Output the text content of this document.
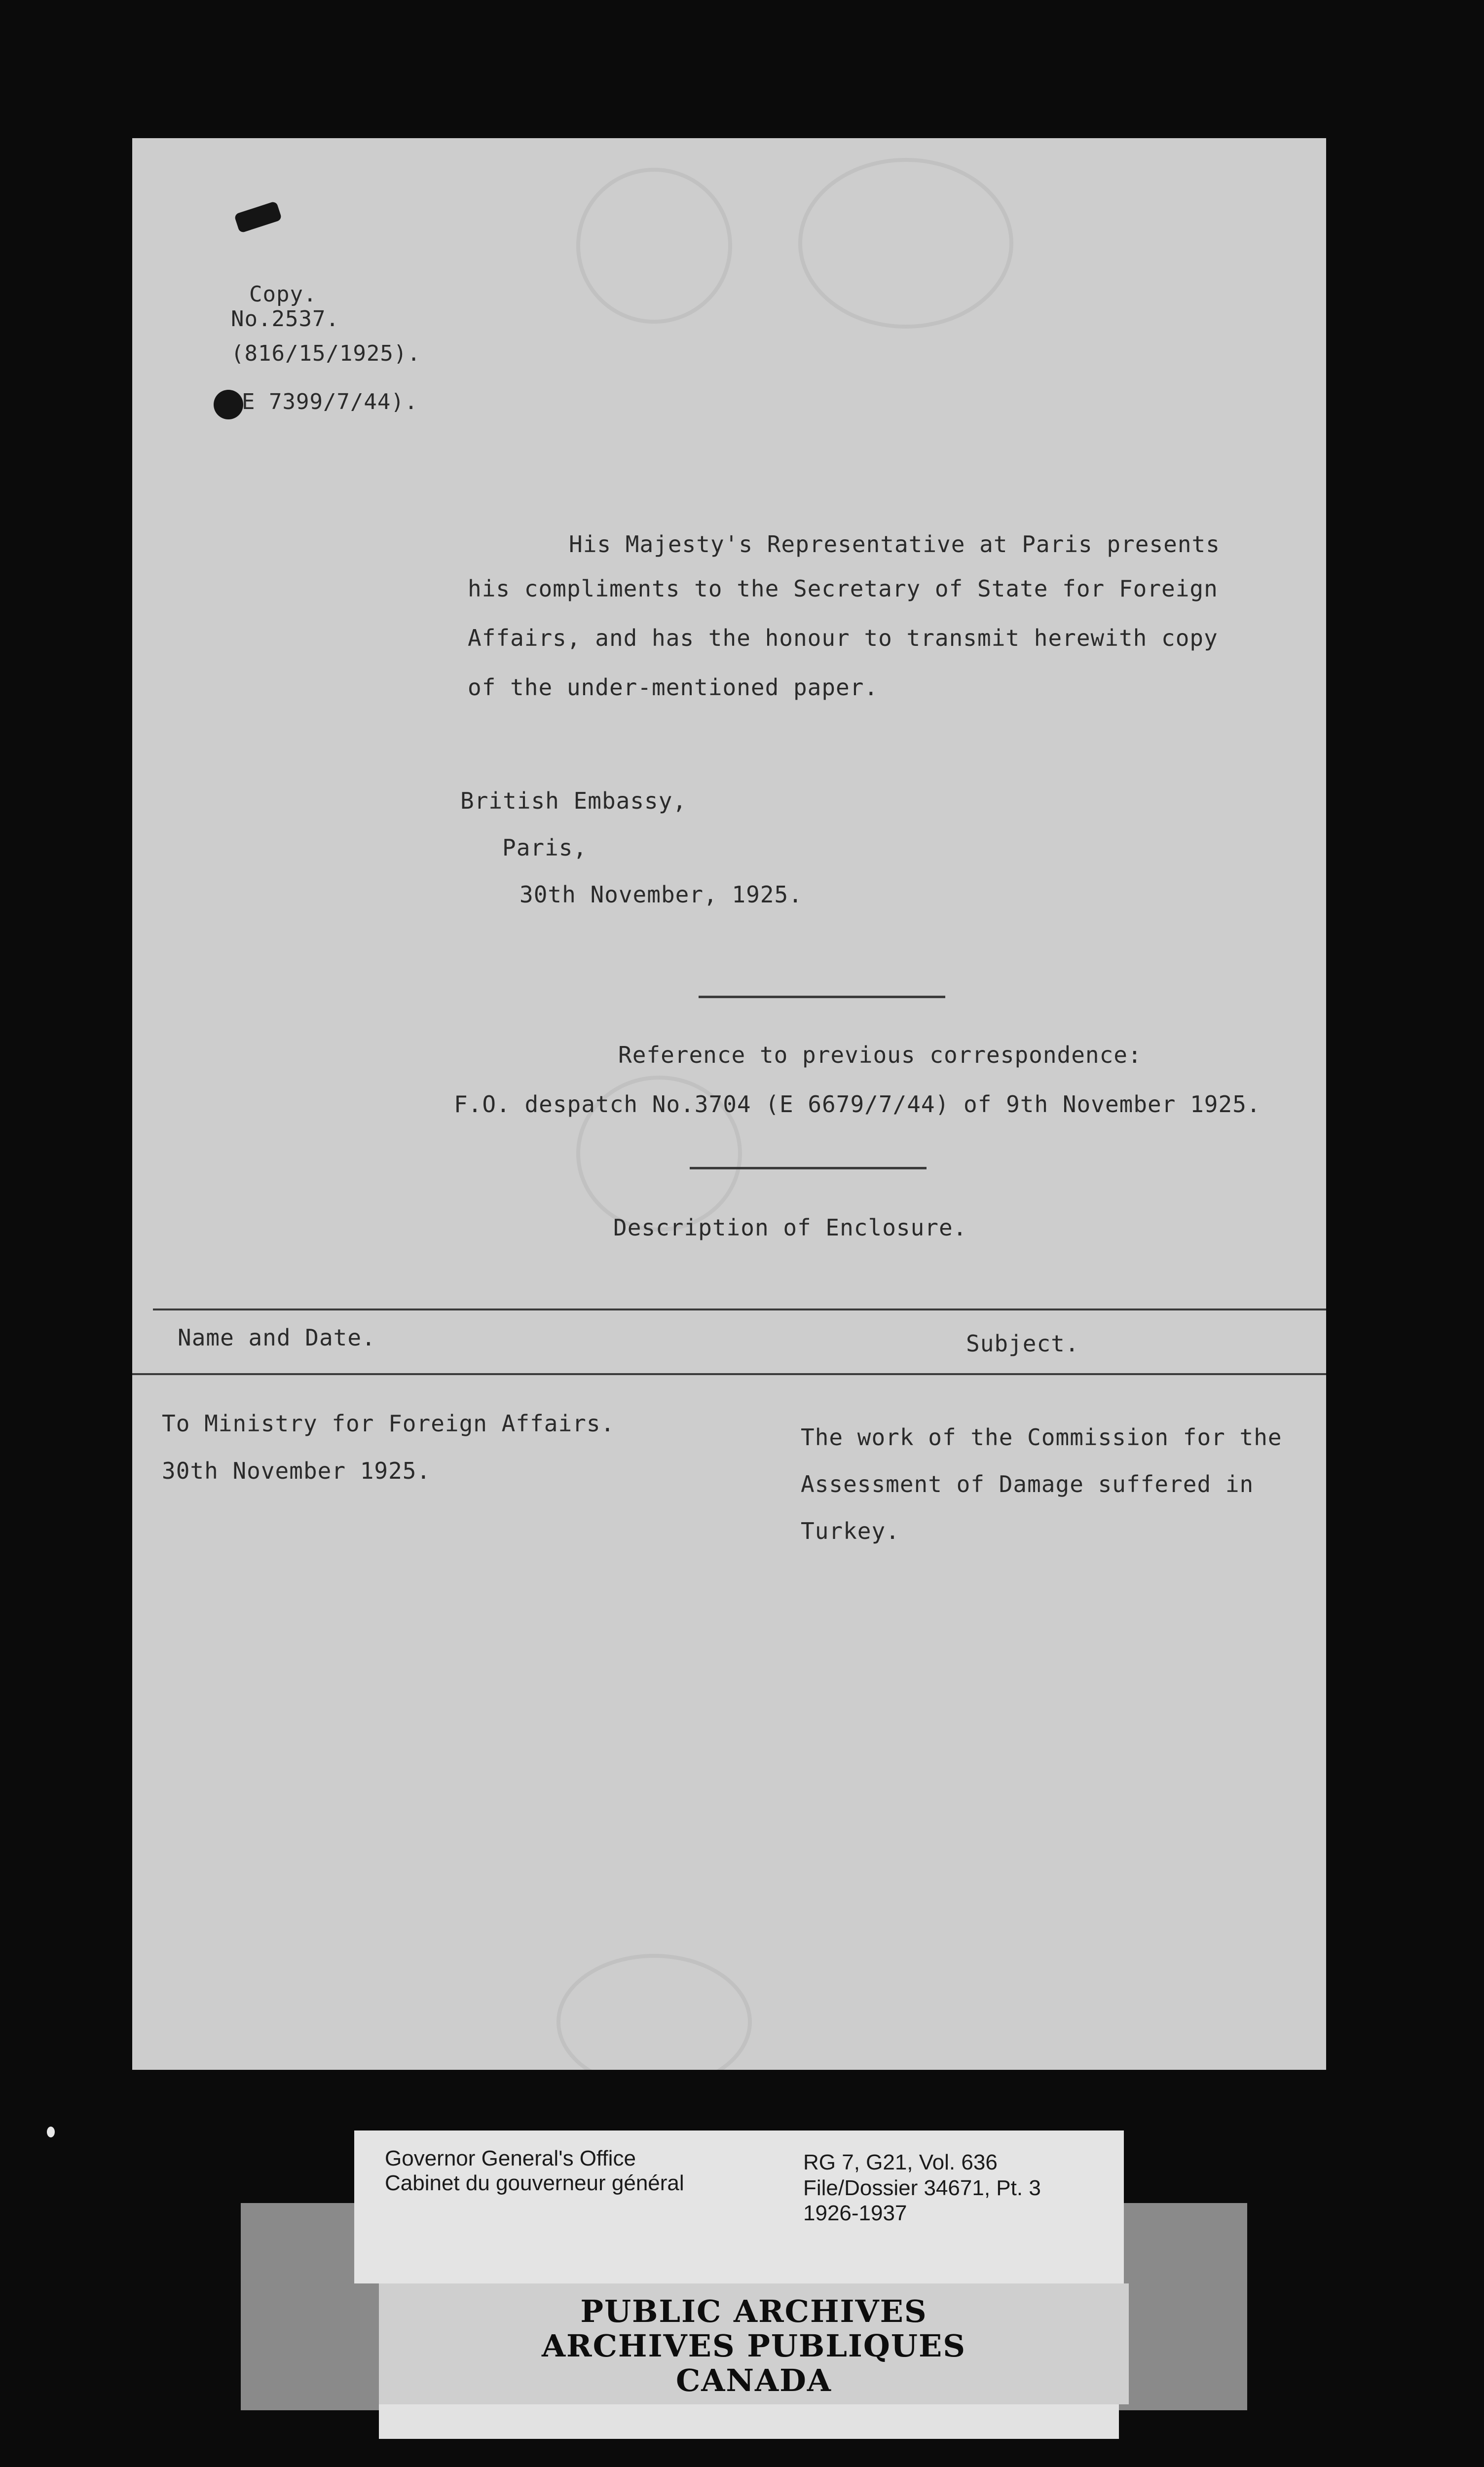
Copy.
No.2537.
(816/15/1925).
E 7399/7/44).
His Majesty's Representative at Paris presents
his compliments to the Secretary of State for Foreign
Affairs, and has the honour to transmit herewith copy
of the under-mentioned paper.
British Embassy,
Paris,
30th November, 1925.
Reference to previous correspondence:
F.O. despatch No.3704 (E 6679/7/44) of 9th November 1925.
Description of Enclosure.
Name and Date.	Subject.
To Ministry for Foreign Affairs.
30th November 1925.
The work of the Commission for the
Assessment of Damage suffered in
Turkey.
Governor General's Office
Cabinet du gouverneur général
RG 7, G21, Vol. 636
File/Dossier 34671, Pt. 3
1926-1937
PUBLIC ARCHIVES
ARCHIVES PUBLIQUES
CANADA
